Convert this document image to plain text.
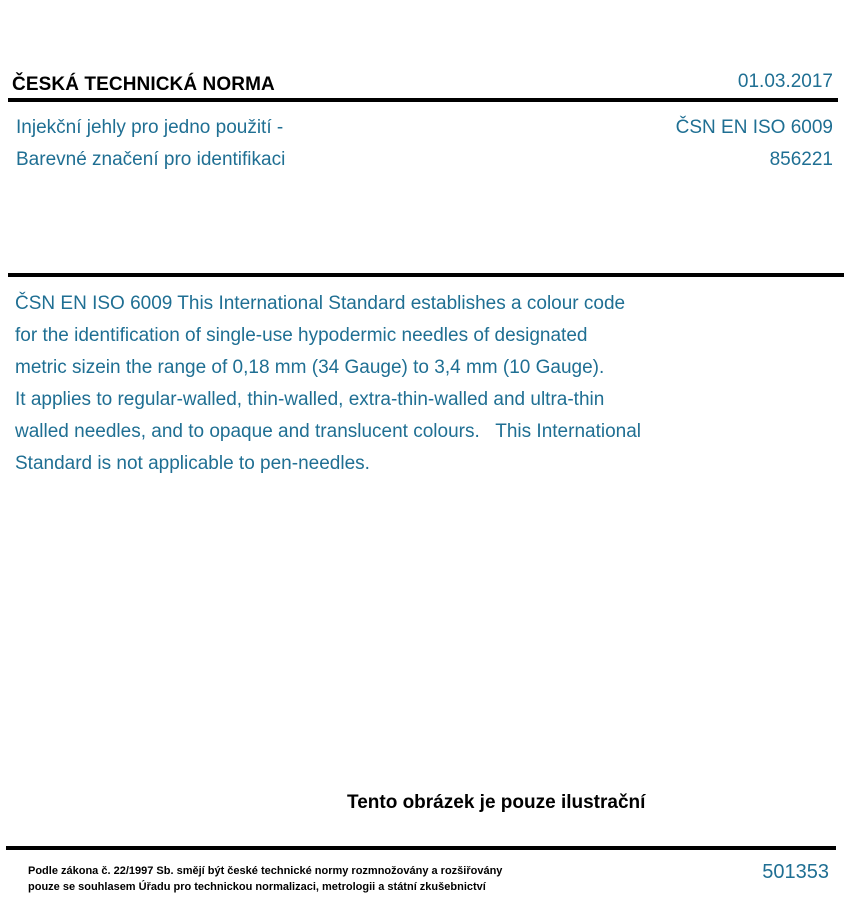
ČESKÁ TECHNICKÁ NORMA	01.03.2017
Injekční jehly pro jedno použití -
Barevné značení pro identifikaci
ČSN EN ISO 6009
856221
ČSN EN ISO 6009 This International Standard establishes a colour code
for the identification of single-use hypodermic needles of designated
metric sizein the range of 0,18 mm (34 Gauge) to 3,4 mm (10 Gauge).
It applies to regular-walled, thin-walled, extra-thin-walled and ultra-thin
walled needles, and to opaque and translucent colours.   This International
Standard is not applicable to pen-needles.
Tento obrázek je pouze ilustrační
Podle zákona č. 22/1997 Sb. smějí být české technické normy rozmnožovány a rozšiřovány
pouze se souhlasem Úřadu pro technickou normalizaci, metrologii a státní zkušebnictví
501353
